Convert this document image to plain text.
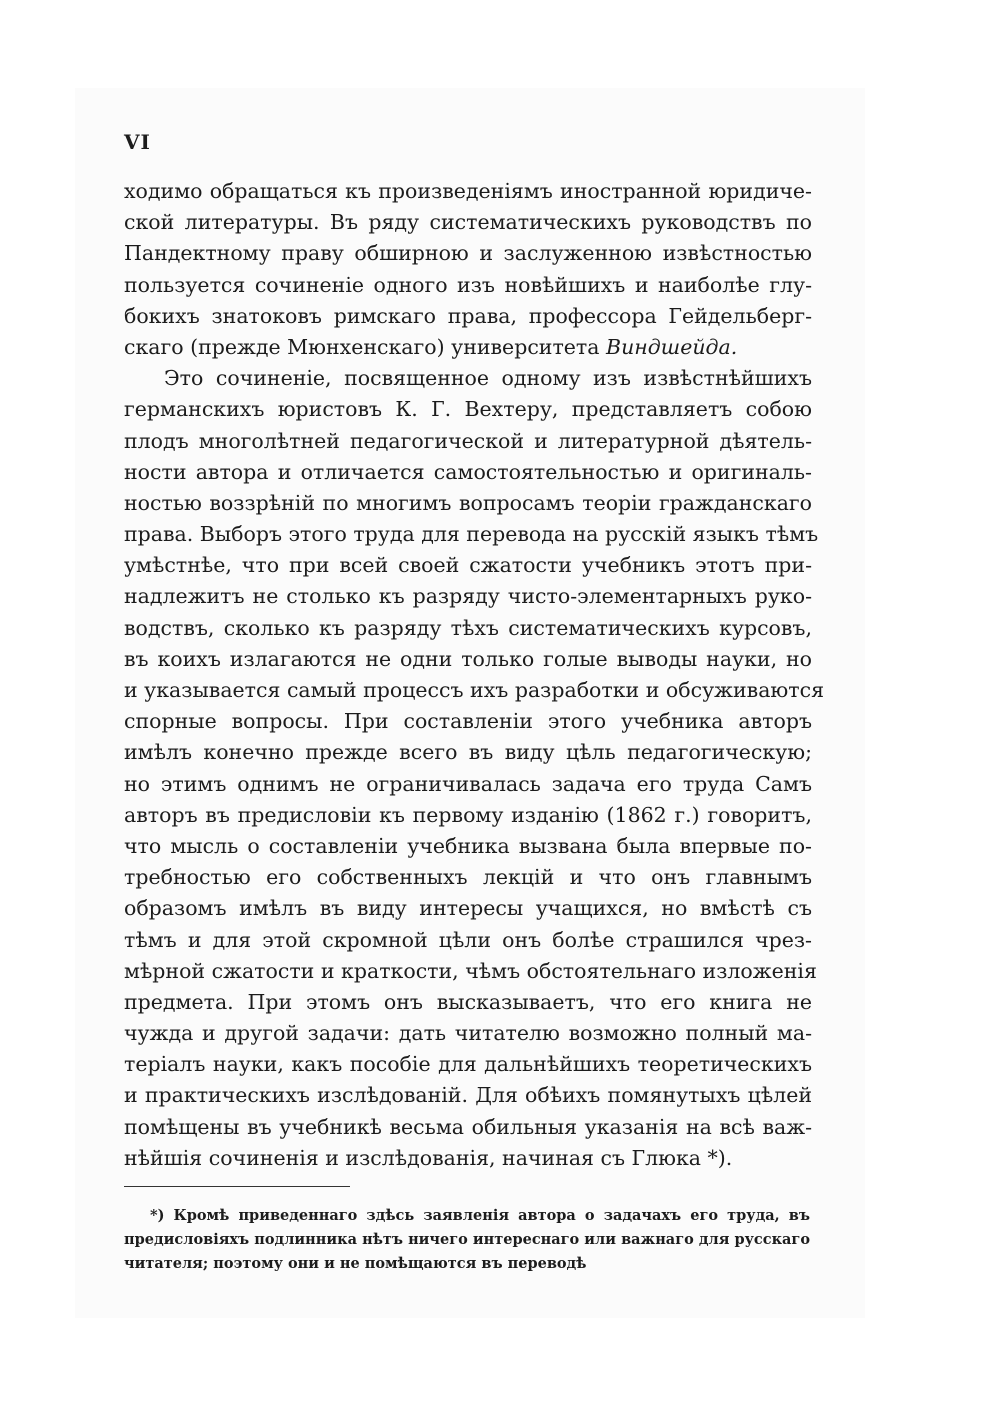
VI

ходимо обращаться къ произведеніямъ иностранной юридиче-
ской литературы. Въ ряду систематическихъ руководствъ по
Пандектному праву обширною и заслуженною извѣстностью
пользуется сочиненіе одного изъ новѣйшихъ и наиболѣе глу-
бокихъ знатоковъ римскаго права, профессора Гейдельберг-
скаго (прежде Мюнхенскаго) университета Виндшейда.
Это сочиненіе, посвященное одному изъ извѣстнѣйшихъ
германскихъ юристовъ К. Г. Вехтеру, представляетъ собою
плодъ многолѣтней педагогической и литературной дѣятель-
ности автора и отличается самостоятельностью и оригиналь-
ностью воззрѣній по многимъ вопросамъ теоріи гражданскаго
права. Выборъ этого труда для перевода на русскій языкъ тѣмъ
умѣстнѣе, что при всей своей сжатости учебникъ этотъ при-
надлежитъ не столько къ разряду чисто-элементарныхъ руко-
водствъ, сколько къ разряду тѣхъ систематическихъ курсовъ,
въ коихъ излагаются не одни только голые выводы науки, но
и указывается самый процессъ ихъ разработки и обсуживаются
спорные вопросы. При составленіи этого учебника авторъ
имѣлъ конечно прежде всего въ виду цѣль педагогическую;
но этимъ однимъ не ограничивалась задача его труда Самъ
авторъ въ предисловіи къ первому изданію (1862 г.) говоритъ,
что мысль о составленіи учебника вызвана была впервые по-
требностью его собственныхъ лекцій и что онъ главнымъ
образомъ имѣлъ въ виду интересы учащихся, но вмѣстѣ съ
тѣмъ и для этой скромной цѣли онъ болѣе страшился чрез-
мѣрной сжатости и краткости, чѣмъ обстоятельнаго изложенія
предмета. При этомъ онъ высказываетъ, что его книга не
чужда и другой задачи: дать читателю возможно полный ма-
теріалъ науки, какъ пособіе для дальнѣйшихъ теоретическихъ
и практическихъ изслѣдованій. Для обѣихъ помянутыхъ цѣлей
помѣщены въ учебникѣ весьма обильныя указанія на всѣ важ-
нѣйшія сочиненія и изслѣдованія, начиная съ Глюка *).
*) Кромѣ приведеннаго здѣсь заявленія автора о задачахъ его труда, въ
предисловіяхъ подлинника нѣтъ ничего интереснаго или важнаго для русскаго
читателя; поэтому они и не помѣщаются въ переводѣ
